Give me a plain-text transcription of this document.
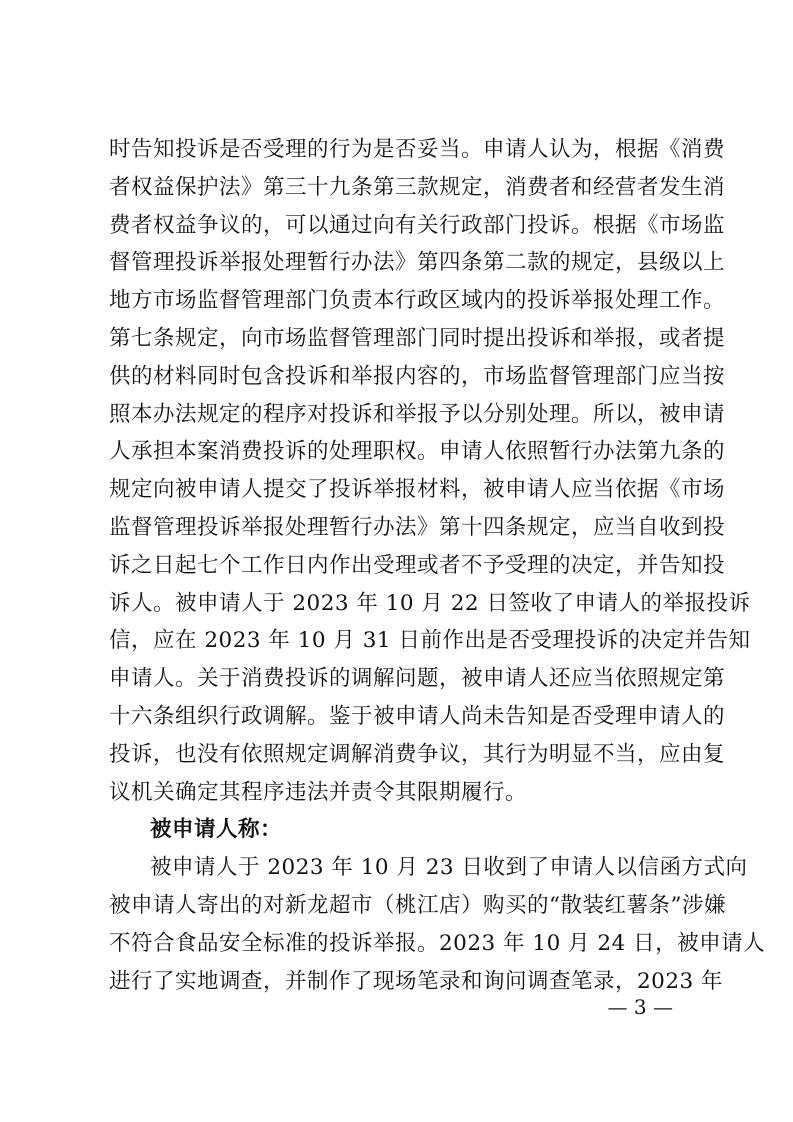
时告知投诉是否受理的行为是否妥当。申请人认为，根据《消费
者权益保护法》第三十九条第三款规定，消费者和经营者发生消
费者权益争议的，可以通过向有关行政部门投诉。根据《市场监
督管理投诉举报处理暂行办法》第四条第二款的规定，县级以上
地方市场监督管理部门负责本行政区域内的投诉举报处理工作。
第七条规定，向市场监督管理部门同时提出投诉和举报，或者提
供的材料同时包含投诉和举报内容的，市场监督管理部门应当按
照本办法规定的程序对投诉和举报予以分别处理。所以，被申请
人承担本案消费投诉的处理职权。申请人依照暂行办法第九条的
规定向被申请人提交了投诉举报材料，被申请人应当依据《市场
监督管理投诉举报处理暂行办法》第十四条规定，应当自收到投
诉之日起七个工作日内作出受理或者不予受理的决定，并告知投
诉人。被申请人于 2023 年 10 月 22 日签收了申请人的举报投诉
信，应在 2023 年 10 月 31 日前作出是否受理投诉的决定并告知
申请人。关于消费投诉的调解问题，被申请人还应当依照规定第
十六条组织行政调解。鉴于被申请人尚未告知是否受理申请人的
投诉，也没有依照规定调解消费争议，其行为明显不当，应由复
议机关确定其程序违法并责令其限期履行。
被申请人称：
被申请人于 2023 年 10 月 23 日收到了申请人以信函方式向
被申请人寄出的对新龙超市（桃江店）购买的“散装红薯条”涉嫌
不符合食品安全标准的投诉举报。2023 年 10 月 24 日，被申请人
— 3 —
进行了实地调查，并制作了现场笔录和询问调查笔录，2023 年
